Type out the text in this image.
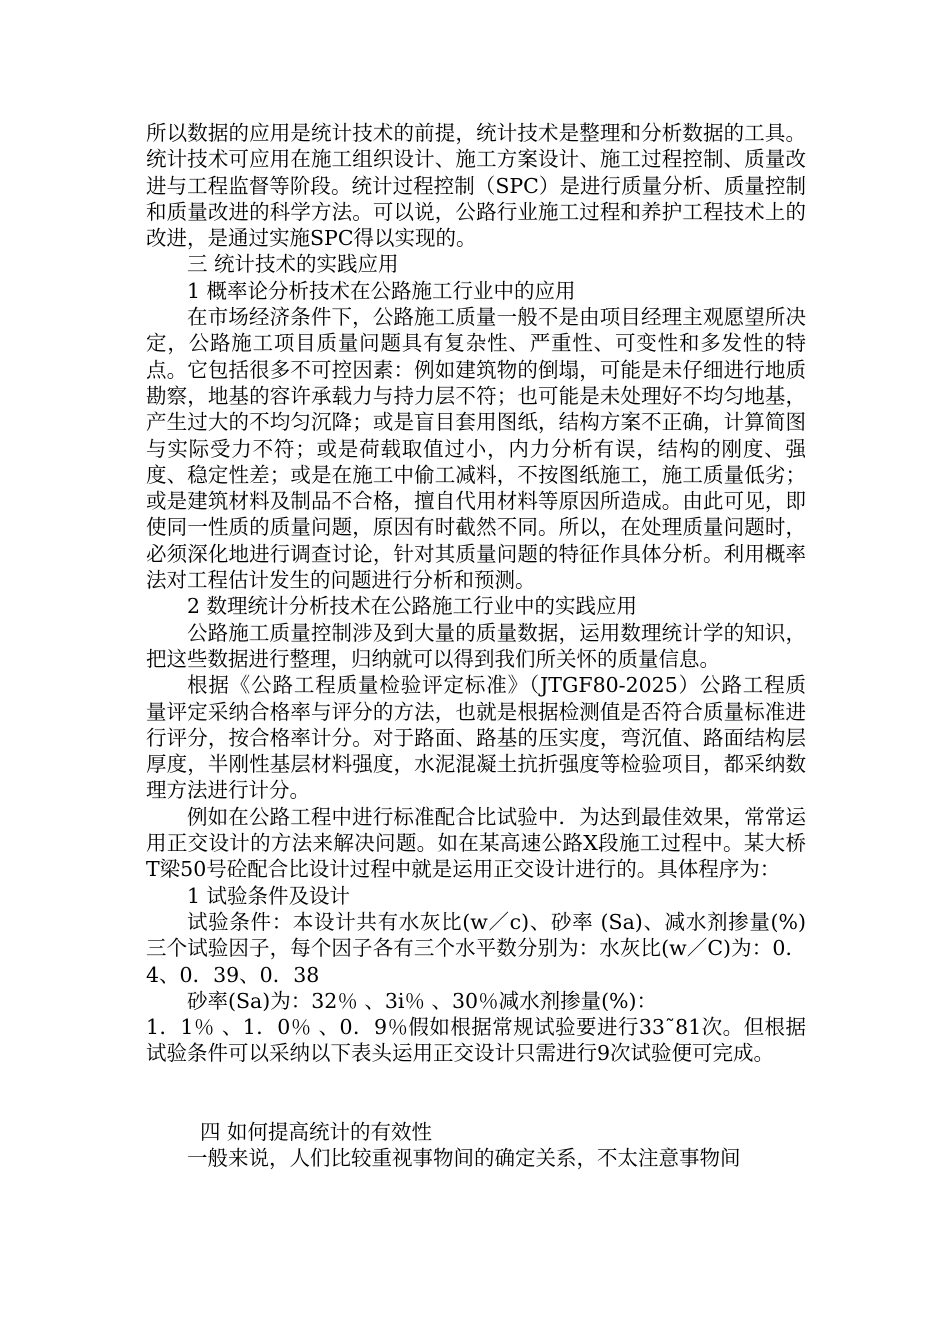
所以数据的应用是统计技术的前提，统计技术是整理和分析数据的工具。统计技术可应用在施工组织设计、施工方案设计、施工过程控制、质量改进与工程监督等阶段。统计过程控制（SPC）是进行质量分析、质量控制和质量改进的科学方法。可以说，公路行业施工过程和养护工程技术上的改进，是通过实施SPC得以实现的。

三 统计技术的实践应用

1 概率论分析技术在公路施工行业中的应用

在市场经济条件下，公路施工质量一般不是由项目经理主观愿望所决定，公路施工项目质量问题具有复杂性、严重性、可变性和多发性的特点。它包括很多不可控因素：例如建筑物的倒塌，可能是未仔细进行地质勘察，地基的容许承载力与持力层不符；也可能是未处理好不均匀地基，产生过大的不均匀沉降；或是盲目套用图纸，结构方案不正确，计算简图与实际受力不符；或是荷载取值过小，内力分析有误，结构的刚度、强度、稳定性差；或是在施工中偷工减料，不按图纸施工，施工质量低劣；或是建筑材料及制品不合格，擅自代用材料等原因所造成。由此可见，即使同一性质的质量问题，原因有时截然不同。所以，在处理质量问题时，必须深化地进行调查讨论，针对其质量问题的特征作具体分析。利用概率法对工程估计发生的问题进行分析和预测。

2 数理统计分析技术在公路施工行业中的实践应用

公路施工质量控制涉及到大量的质量数据，运用数理统计学的知识，把这些数据进行整理，归纳就可以得到我们所关怀的质量信息。

根据《公路工程质量检验评定标准》（JTGF80-2025）公路工程质量评定采纳合格率与评分的方法，也就是根据检测值是否符合质量标准进行评分，按合格率计分。对于路面、路基的压实度，弯沉值、路面结构层厚度，半刚性基层材料强度，水泥混凝土抗折强度等检验项目，都采纳数理方法进行计分。

例如在公路工程中进行标准配合比试验中．为达到最佳效果，常常运用正交设计的方法来解决问题。如在某高速公路X段施工过程中。某大桥T梁50号砼配合比设计过程中就是运用正交设计进行的。具体程序为：

1 试验条件及设计

试验条件：本设计共有水灰比(w／c)、砂率 (Sa)、减水剂掺量(%)三个试验因子，每个因子各有三个水平数分别为：水灰比(w／C)为：0．4、0．39、0．38

砂率(Sa)为：32％ 、3i％ 、30％减水剂掺量(%)：

1．1％ 、1．0％ 、0．9％假如根据常规试验要进行33˜81次。但根据试验条件可以采纳以下表头运用正交设计只需进行9次试验便可完成。

四 如何提高统计的有效性

一般来说，人们比较重视事物间的确定关系，不太注意事物间
